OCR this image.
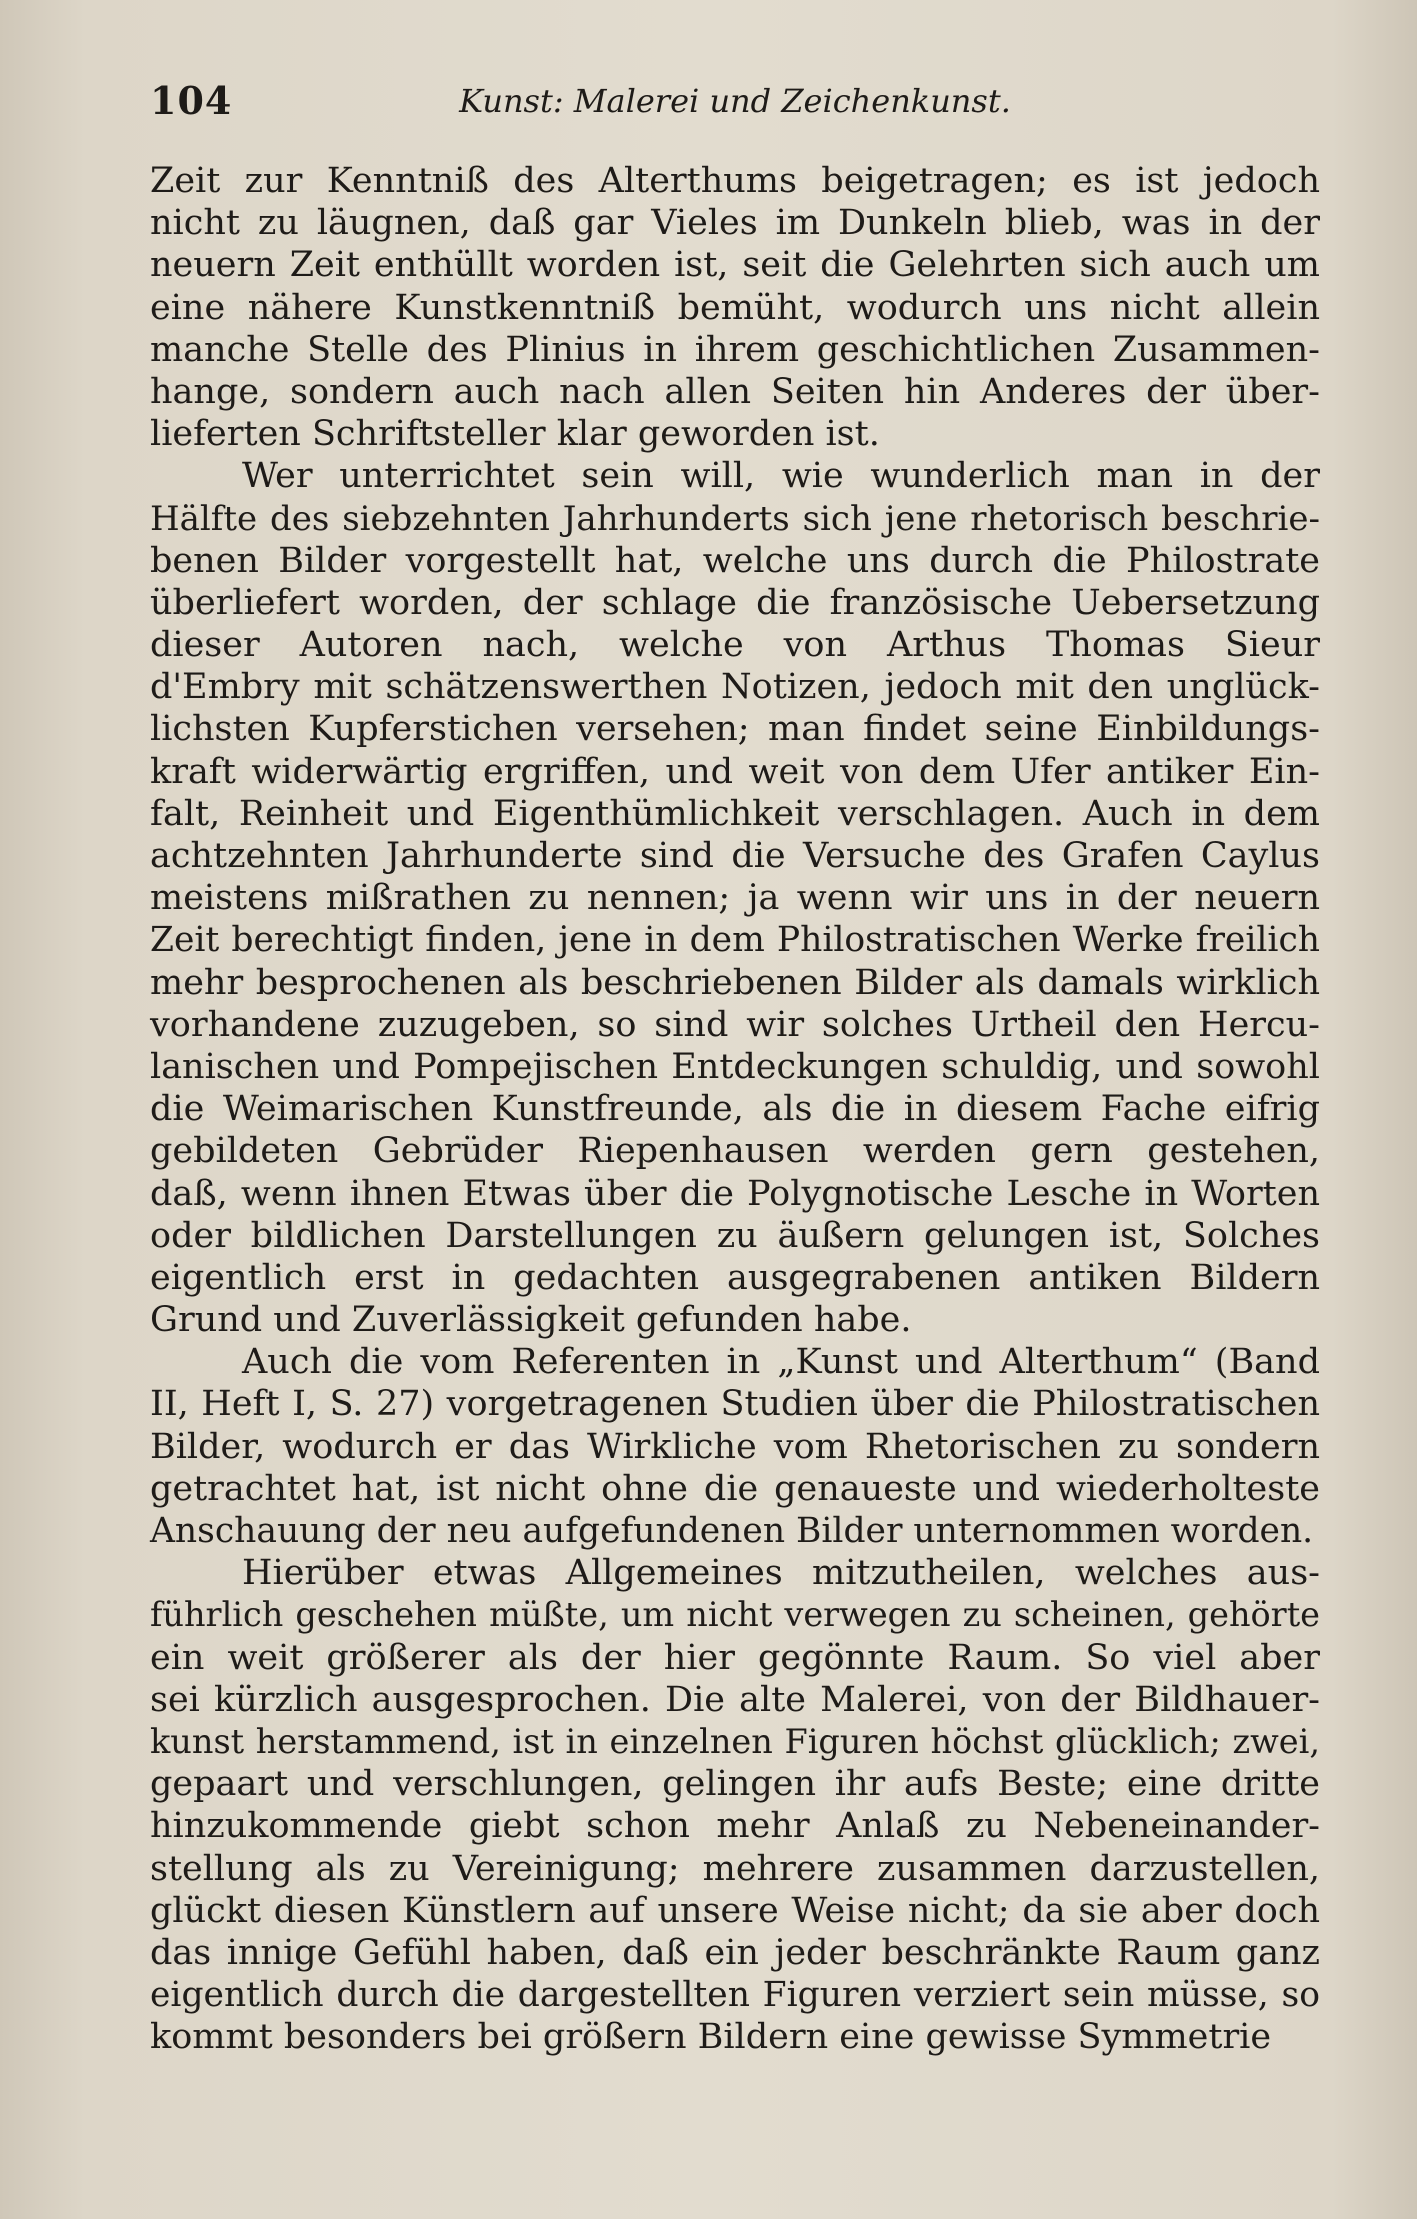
104	Kunst: Malerei und Zeichenkunst.
Zeit zur Kenntniß des Alterthums beigetragen; es ist jedoch
nicht zu läugnen, daß gar Vieles im Dunkeln blieb, was in der
neuern Zeit enthüllt worden ist, seit die Gelehrten sich auch um
eine nähere Kunstkenntniß bemüht, wodurch uns nicht allein
manche Stelle des Plinius in ihrem geschichtlichen Zusammen-
hange, sondern auch nach allen Seiten hin Anderes der über-
lieferten Schriftsteller klar geworden ist.
Wer unterrichtet sein will, wie wunderlich man in der
Hälfte des siebzehnten Jahrhunderts sich jene rhetorisch beschrie-
benen Bilder vorgestellt hat, welche uns durch die Philostrate
überliefert worden, der schlage die französische Uebersetzung
dieser Autoren nach, welche von Arthus Thomas Sieur
d'Embry mit schätzenswerthen Notizen, jedoch mit den unglück-
lichsten Kupferstichen versehen; man findet seine Einbildungs-
kraft widerwärtig ergriffen, und weit von dem Ufer antiker Ein-
falt, Reinheit und Eigenthümlichkeit verschlagen. Auch in dem
achtzehnten Jahrhunderte sind die Versuche des Grafen Caylus
meistens mißrathen zu nennen; ja wenn wir uns in der neuern
Zeit berechtigt finden, jene in dem Philostratischen Werke freilich
mehr besprochenen als beschriebenen Bilder als damals wirklich
vorhandene zuzugeben, so sind wir solches Urtheil den Hercu-
lanischen und Pompejischen Entdeckungen schuldig, und sowohl
die Weimarischen Kunstfreunde, als die in diesem Fache eifrig
gebildeten Gebrüder Riepenhausen werden gern gestehen,
daß, wenn ihnen Etwas über die Polygnotische Lesche in Worten
oder bildlichen Darstellungen zu äußern gelungen ist, Solches
eigentlich erst in gedachten ausgegrabenen antiken Bildern
Grund und Zuverlässigkeit gefunden habe.
Auch die vom Referenten in „Kunst und Alterthum“ (Band
II, Heft I, S. 27) vorgetragenen Studien über die Philostratischen
Bilder, wodurch er das Wirkliche vom Rhetorischen zu sondern
getrachtet hat, ist nicht ohne die genaueste und wiederholteste
Anschauung der neu aufgefundenen Bilder unternommen worden.
Hierüber etwas Allgemeines mitzutheilen, welches aus-
führlich geschehen müßte, um nicht verwegen zu scheinen, gehörte
ein weit größerer als der hier gegönnte Raum. So viel aber
sei kürzlich ausgesprochen. Die alte Malerei, von der Bildhauer-
kunst herstammend, ist in einzelnen Figuren höchst glücklich; zwei,
gepaart und verschlungen, gelingen ihr aufs Beste; eine dritte
hinzukommende giebt schon mehr Anlaß zu Nebeneinander-
stellung als zu Vereinigung; mehrere zusammen darzustellen,
glückt diesen Künstlern auf unsere Weise nicht; da sie aber doch
das innige Gefühl haben, daß ein jeder beschränkte Raum ganz
eigentlich durch die dargestellten Figuren verziert sein müsse, so
kommt besonders bei größern Bildern eine gewisse Symmetrie
